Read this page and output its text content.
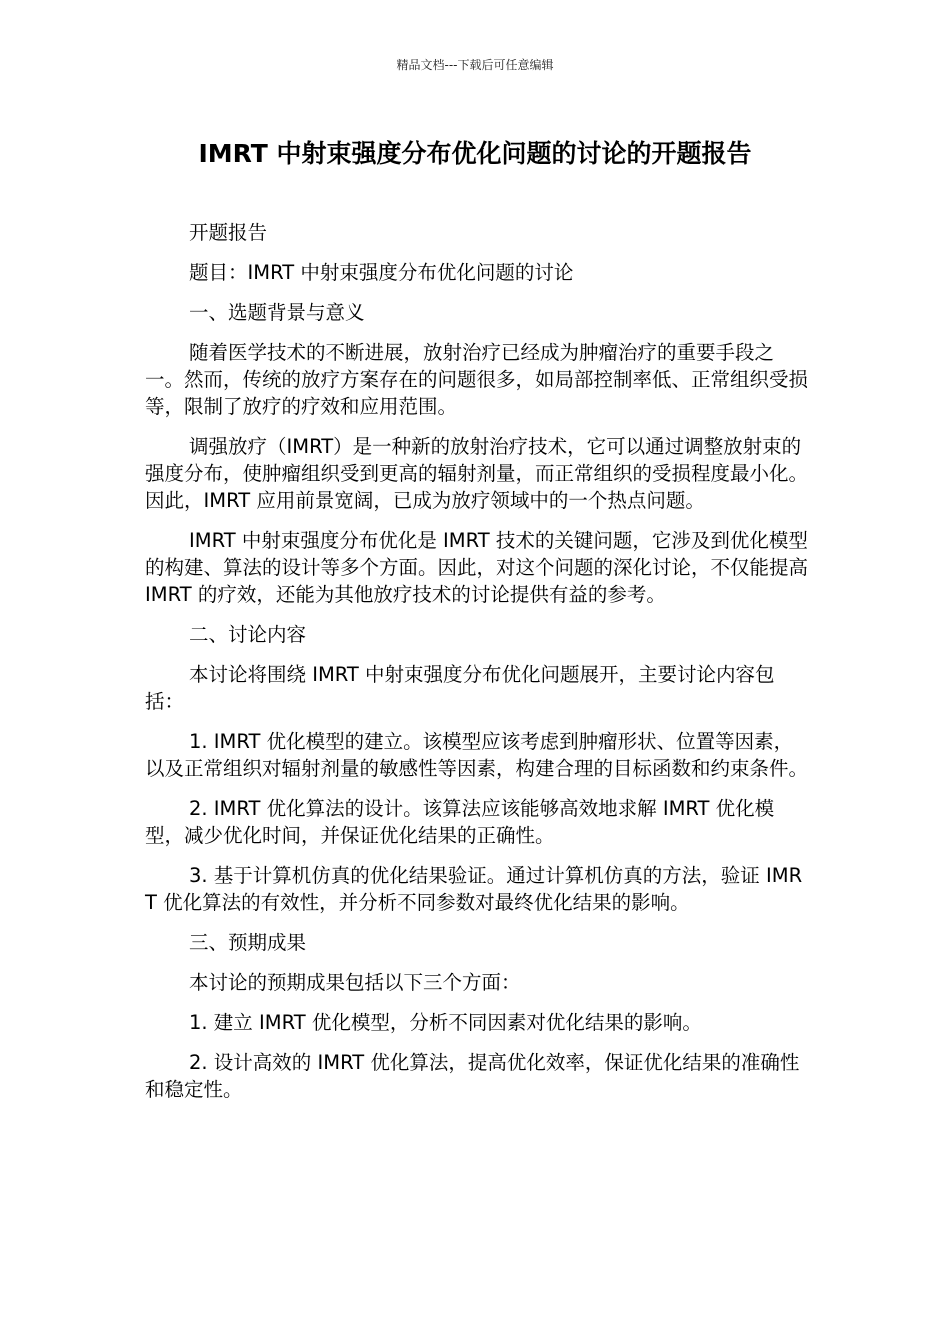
精品文档---下载后可任意编辑
IMRT 中射束强度分布优化问题的讨论的开题报告

开题报告

题目：IMRT 中射束强度分布优化问题的讨论

一、选题背景与意义

随着医学技术的不断进展，放射治疗已经成为肿瘤治疗的重要手段之一。然而，传统的放疗方案存在的问题很多，如局部控制率低、正常组织受损等，限制了放疗的疗效和应用范围。

调强放疗（IMRT）是一种新的放射治疗技术，它可以通过调整放射束的强度分布，使肿瘤组织受到更高的辐射剂量，而正常组织的受损程度最小化。因此，IMRT 应用前景宽阔，已成为放疗领域中的一个热点问题。

IMRT 中射束强度分布优化是 IMRT 技术的关键问题，它涉及到优化模型的构建、算法的设计等多个方面。因此，对这个问题的深化讨论，不仅能提高 IMRT 的疗效，还能为其他放疗技术的讨论提供有益的参考。

二、讨论内容

本讨论将围绕 IMRT 中射束强度分布优化问题展开，主要讨论内容包括：

1. IMRT 优化模型的建立。该模型应该考虑到肿瘤形状、位置等因素，以及正常组织对辐射剂量的敏感性等因素，构建合理的目标函数和约束条件。

2. IMRT 优化算法的设计。该算法应该能够高效地求解 IMRT 优化模型，减少优化时间，并保证优化结果的正确性。

3. 基于计算机仿真的优化结果验证。通过计算机仿真的方法，验证 IMRT 优化算法的有效性，并分析不同参数对最终优化结果的影响。

三、预期成果

本讨论的预期成果包括以下三个方面：

1. 建立 IMRT 优化模型，分析不同因素对优化结果的影响。

2. 设计高效的 IMRT 优化算法，提高优化效率，保证优化结果的准确性和稳定性。
